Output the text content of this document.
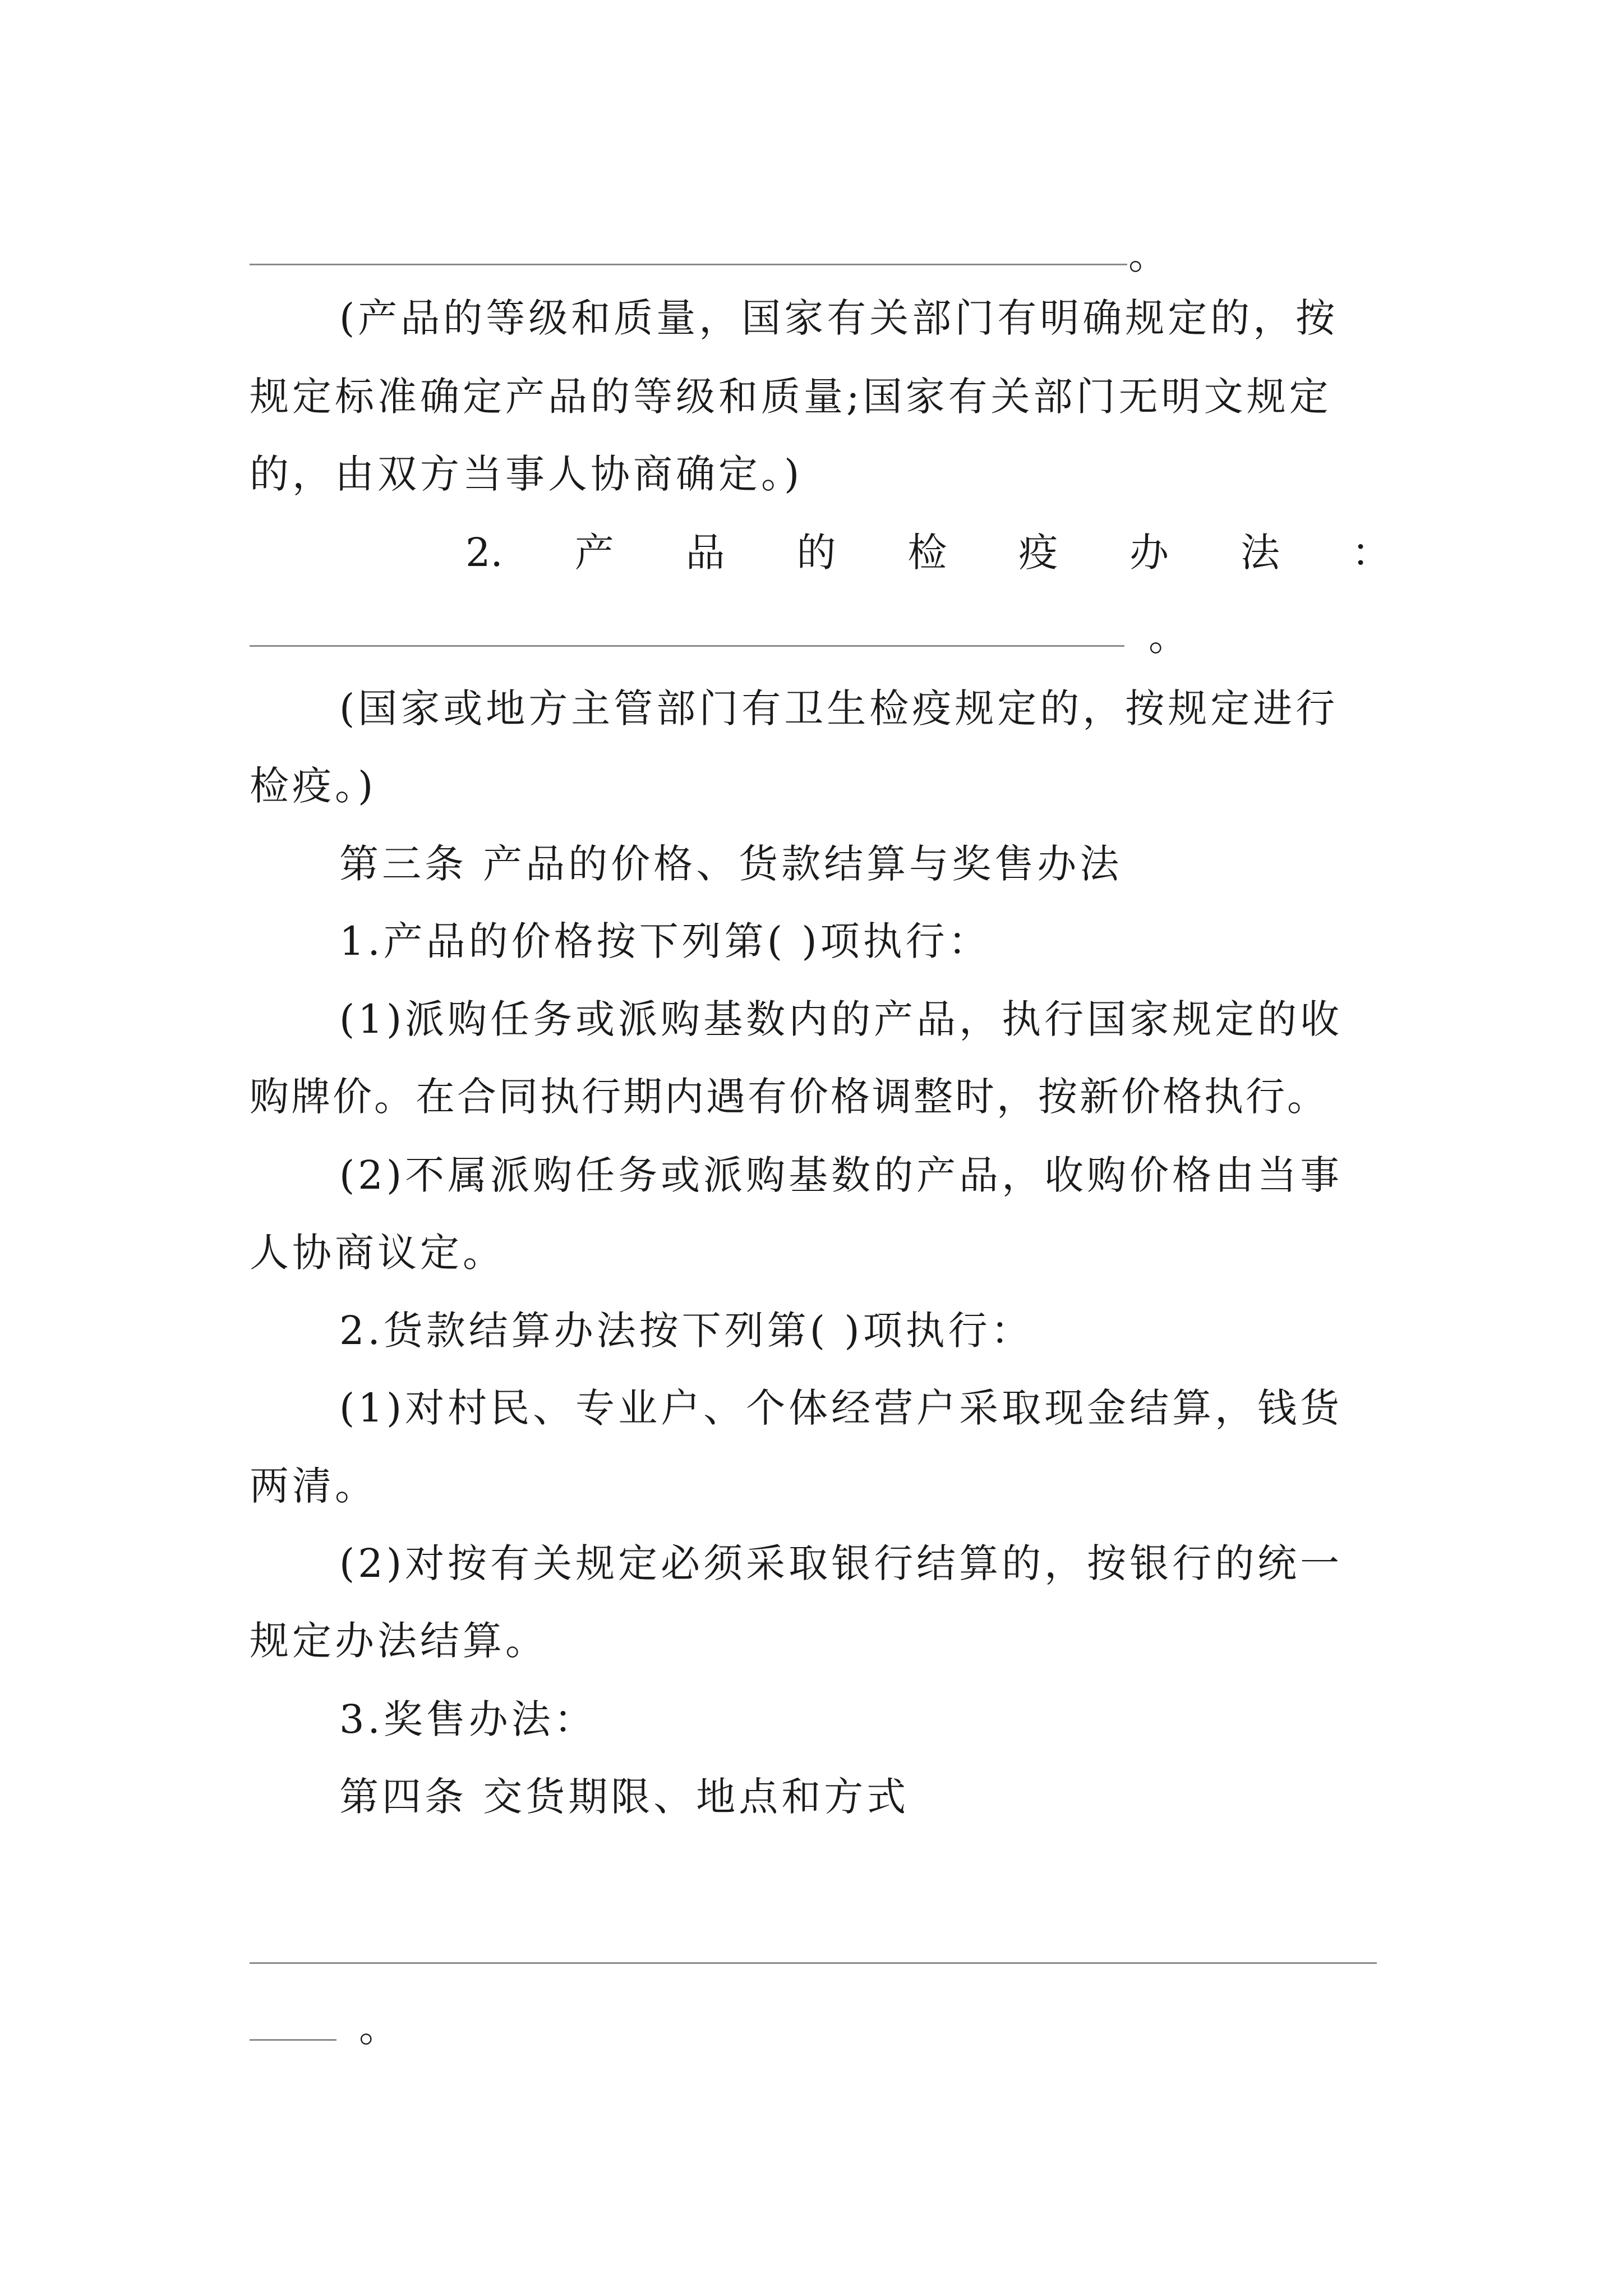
。
(产品的等级和质量，国家有关部门有明确规定的，按
规定标准确定产品的等级和质量;国家有关部门无明文规定
的，由双方当事人协商确定。)
2. 产 品 的 检 疫 办 法 ：
。
(国家或地方主管部门有卫生检疫规定的，按规定进行
检疫。)
第三条 产品的价格、货款结算与奖售办法
1.产品的价格按下列第( )项执行：
(1)派购任务或派购基数内的产品，执行国家规定的收
购牌价。在合同执行期内遇有价格调整时，按新价格执行。
(2)不属派购任务或派购基数的产品，收购价格由当事
人协商议定。
2.货款结算办法按下列第( )项执行：
(1)对村民、专业户、个体经营户采取现金结算，钱货
两清。
(2)对按有关规定必须采取银行结算的，按银行的统一
规定办法结算。
3.奖售办法：
第四条 交货期限、地点和方式
。
